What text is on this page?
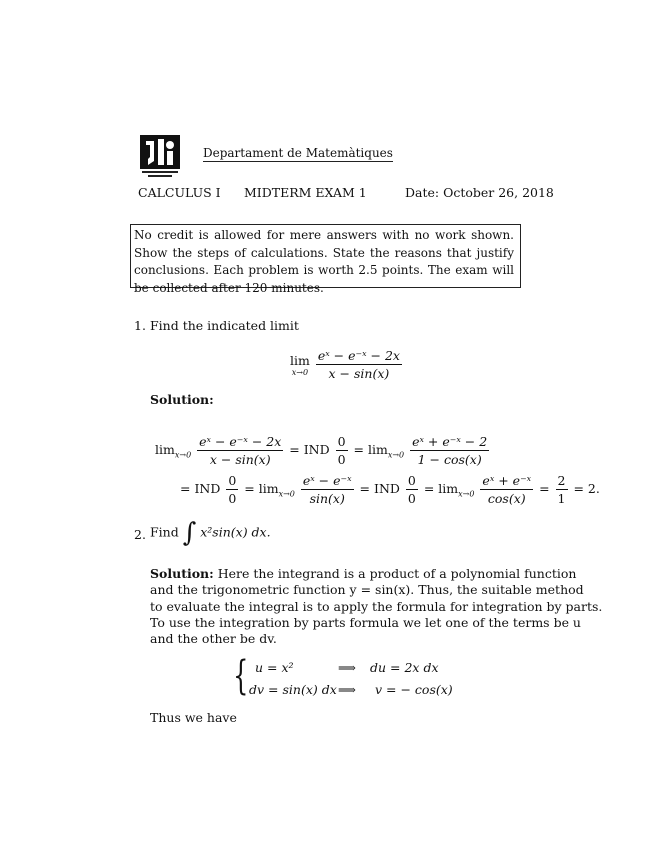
Departament de Matemàtiques
CALCULUS I MIDTERM EXAM 1	Date: October 26, 2018
No credit is allowed for mere answers with no work shown. Show the steps of calculations. State the reasons that justify conclusions. Each problem is worth 2.5 points. The exam will be collected after 120 minutes.
1. Find the indicated limit
lim
x→0
$\frac{\text{eˣ − e⁻ˣ − 2x}}{x - \sin(x)}$
Solution:
$\lim_{x\to 0} \frac{\text{eˣ − e⁻ˣ − 2x}}{x - \sin(x)}$ = IND $\frac{0}{0} = \lim_{x\to 0} \frac{\text{eˣ + e⁻ˣ − 2}}{1 - \cos(x)}$
= IND $\frac{0}{0} = \lim_{x\to 0} \frac{\text{eˣ − e⁻ˣ}}{\sin(x)}$ = IND $\frac{0}{0} = \lim_{x\to 0} \frac{\text{eˣ + e⁻ˣ}}{\cos(x)} = \frac{2}{1} = 2$.
2. Find ∫ x²sin(x) dx.
Solution: Here the integrand is a product of a polynomial function
and the trigonometric function y = sin(x). Thus, the suitable method
to evaluate the integral is to apply the formula for integration by parts.
To use the integration by parts formula we let one of the terms be u
and the other be dv.
{ u = x²	⟹ du = 2x dx
dv = sin(x) dx ⟹ v = − cos(x)
Thus we have
